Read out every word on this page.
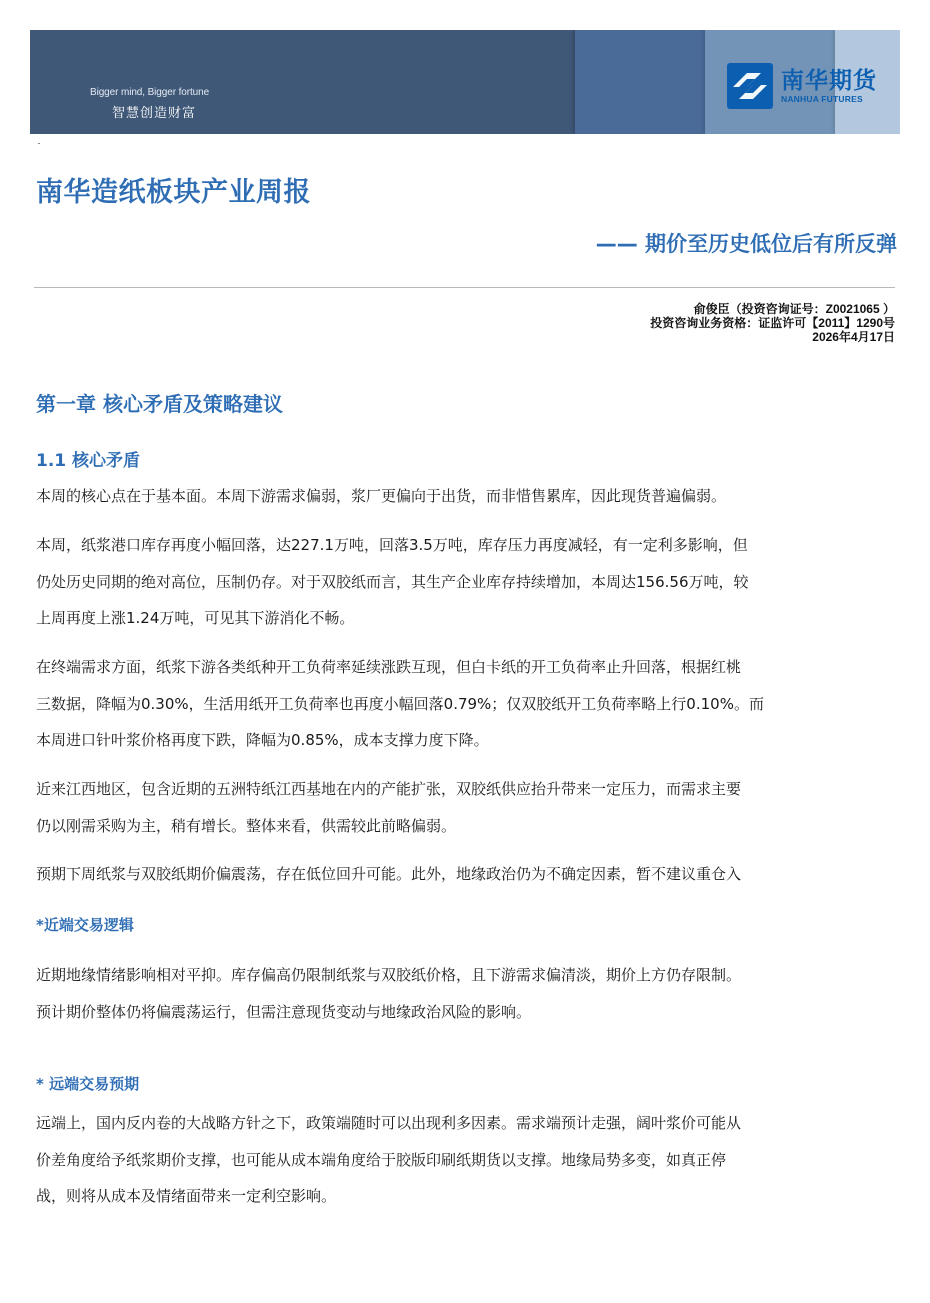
Bigger mind, Bigger fortune
智慧创造财富
南华期货
NANHUA FUTURES
南华造纸板块产业周报
—— 期价至历史低位后有所反弹
俞俊臣（投资咨询证号：Z0021065 ）
投资咨询业务资格：证监许可【2011】1290号
2026年4月17日
第一章 核心矛盾及策略建议
1.1 核心矛盾
本周的核心点在于基本面。本周下游需求偏弱，浆厂更偏向于出货，而非惜售累库，因此现货普遍偏弱。
本周，纸浆港口库存再度小幅回落，达227.1万吨，回落3.5万吨，库存压力再度减轻，有一定利多影响，但
仍处历史同期的绝对高位，压制仍存。对于双胶纸而言，其生产企业库存持续增加，本周达156.56万吨，较
上周再度上涨1.24万吨，可见其下游消化不畅。
在终端需求方面，纸浆下游各类纸种开工负荷率延续涨跌互现，但白卡纸的开工负荷率止升回落，根据红桃
三数据，降幅为0.30%，生活用纸开工负荷率也再度小幅回落0.79%；仅双胶纸开工负荷率略上行0.10%。而
本周进口针叶浆价格再度下跌，降幅为0.85%，成本支撑力度下降。
近来江西地区，包含近期的五洲特纸江西基地在内的产能扩张，双胶纸供应抬升带来一定压力，而需求主要
仍以刚需采购为主，稍有增长。整体来看，供需较此前略偏弱。
预期下周纸浆与双胶纸期价偏震荡，存在低位回升可能。此外，地缘政治仍为不确定因素，暂不建议重仓入
*近端交易逻辑
近期地缘情绪影响相对平抑。库存偏高仍限制纸浆与双胶纸价格，且下游需求偏清淡，期价上方仍存限制。
预计期价整体仍将偏震荡运行，但需注意现货变动与地缘政治风险的影响。
* 远端交易预期
远端上，国内反内卷的大战略方针之下，政策端随时可以出现利多因素。需求端预计走强，阔叶浆价可能从
价差角度给予纸浆期价支撑，也可能从成本端角度给于胶版印刷纸期货以支撑。地缘局势多变，如真正停
战，则将从成本及情绪面带来一定利空影响。
